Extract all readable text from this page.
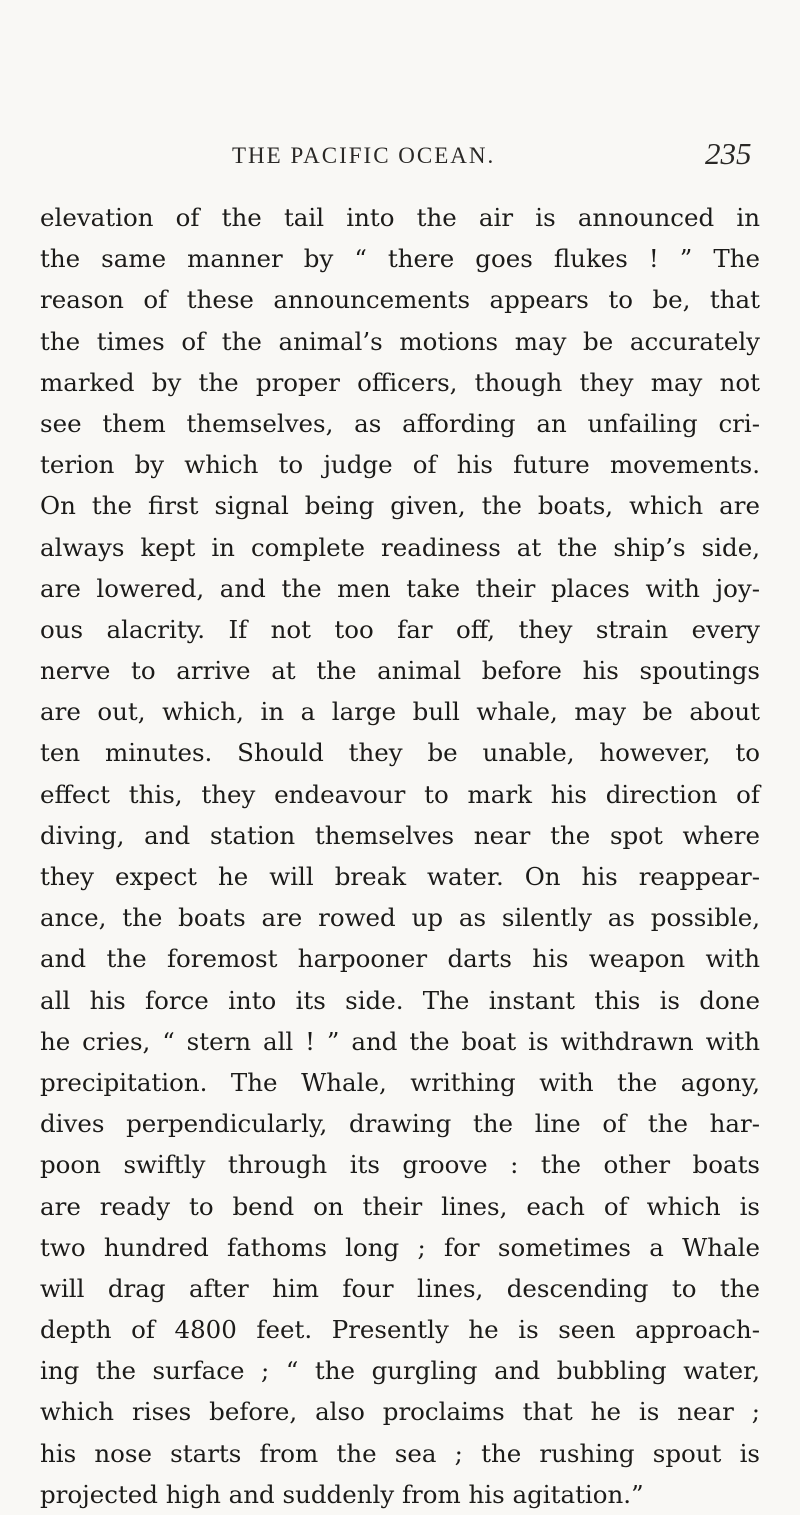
THE PACIFIC OCEAN.	235
elevation of the tail into the air is announced in
the same manner by “ there goes flukes ! ” The
reason of these announcements appears to be, that
the times of the animal’s motions may be accurately
marked by the proper officers, though they may not
see them themselves, as affording an unfailing cri-
terion by which to judge of his future movements.
On the first signal being given, the boats, which are
always kept in complete readiness at the ship’s side,
are lowered, and the men take their places with joy-
ous alacrity. If not too far off, they strain every
nerve to arrive at the animal before his spoutings
are out, which, in a large bull whale, may be about
ten minutes. Should they be unable, however, to
effect this, they endeavour to mark his direction of
diving, and station themselves near the spot where
they expect he will break water. On his reappear-
ance, the boats are rowed up as silently as possible,
and the foremost harpooner darts his weapon with
all his force into its side. The instant this is done
he cries, “ stern all ! ” and the boat is withdrawn with
precipitation. The Whale, writhing with the agony,
dives perpendicularly, drawing the line of the har-
poon swiftly through its groove : the other boats
are ready to bend on their lines, each of which is
two hundred fathoms long ; for sometimes a Whale
will drag after him four lines, descending to the
depth of 4800 feet. Presently he is seen approach-
ing the surface ; “ the gurgling and bubbling water,
which rises before, also proclaims that he is near ;
his nose starts from the sea ; the rushing spout is
projected high and suddenly from his agitation.”
